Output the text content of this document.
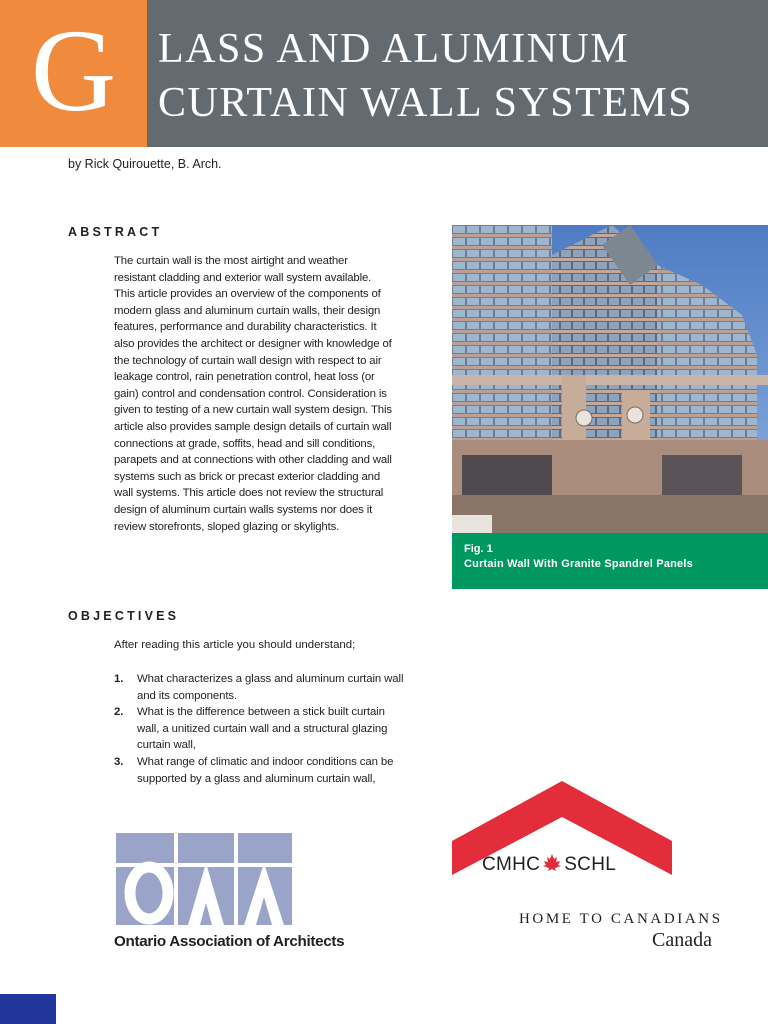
G LASS AND ALUMINUM
CURTAIN WALL SYSTEMS
by Rick Quirouette, B. Arch.
ABSTRACT

The curtain wall is the most airtight and weather resistant cladding and exterior wall system available. This article provides an overview of the components of modern glass and aluminum curtain walls, their design features, performance and durability characteristics. It also provides the architect or designer with knowledge of the technology of curtain wall design with respect to air leakage control, rain penetration control, heat loss (or gain) control and condensation control. Consideration is given to testing of a new curtain wall system design. This article also provides sample design details of curtain wall connections at grade, soffits, head and sill conditions, parapets and at connections with other cladding and wall systems such as brick or precast exterior cladding and wall systems. This article does not review the structural design of aluminum curtain walls systems nor does it review storefronts, sloped glazing or skylights.

Fig. 1
Curtain Wall With Granite Spandrel Panels
OBJECTIVES
After reading this article you should understand;
1. What characterizes a glass and aluminum curtain wall and its components.
2. What is the difference between a stick built curtain wall, a unitized curtain wall and a structural glazing curtain wall,
3. What range of climatic and indoor conditions can be supported by a glass and aluminum curtain wall,
Ontario Association of Architects
CMHC SCHL
HOME TO CANADIANS
Canada
